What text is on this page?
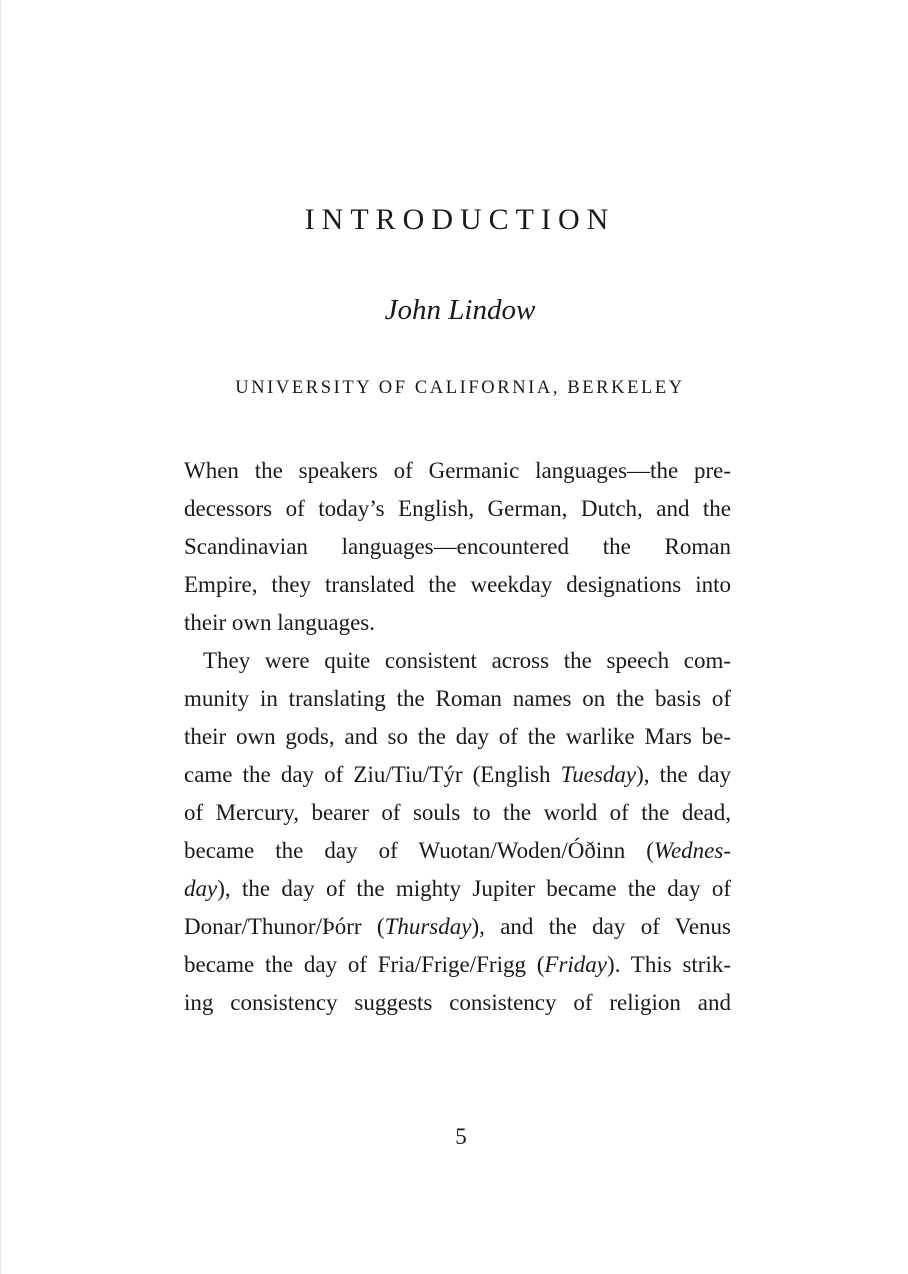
INTRODUCTION
John Lindow
UNIVERSITY OF CALIFORNIA, BERKELEY
When the speakers of Germanic languages—the pre-
decessors of today’s English, German, Dutch, and the
Scandinavian languages—encountered the Roman
Empire, they translated the weekday designations into
their own languages.
They were quite consistent across the speech com-
munity in translating the Roman names on the basis of
their own gods, and so the day of the warlike Mars be-
came the day of Ziu/Tiu/Týr (English Tuesday), the day
of Mercury, bearer of souls to the world of the dead,
became the day of Wuotan/Woden/Óðinn (Wednes-
day), the day of the mighty Jupiter became the day of
Donar/Thunor/Þórr (Thursday), and the day of Venus
became the day of Fria/Frige/Frigg (Friday). This strik-
ing consistency suggests consistency of religion and
5
